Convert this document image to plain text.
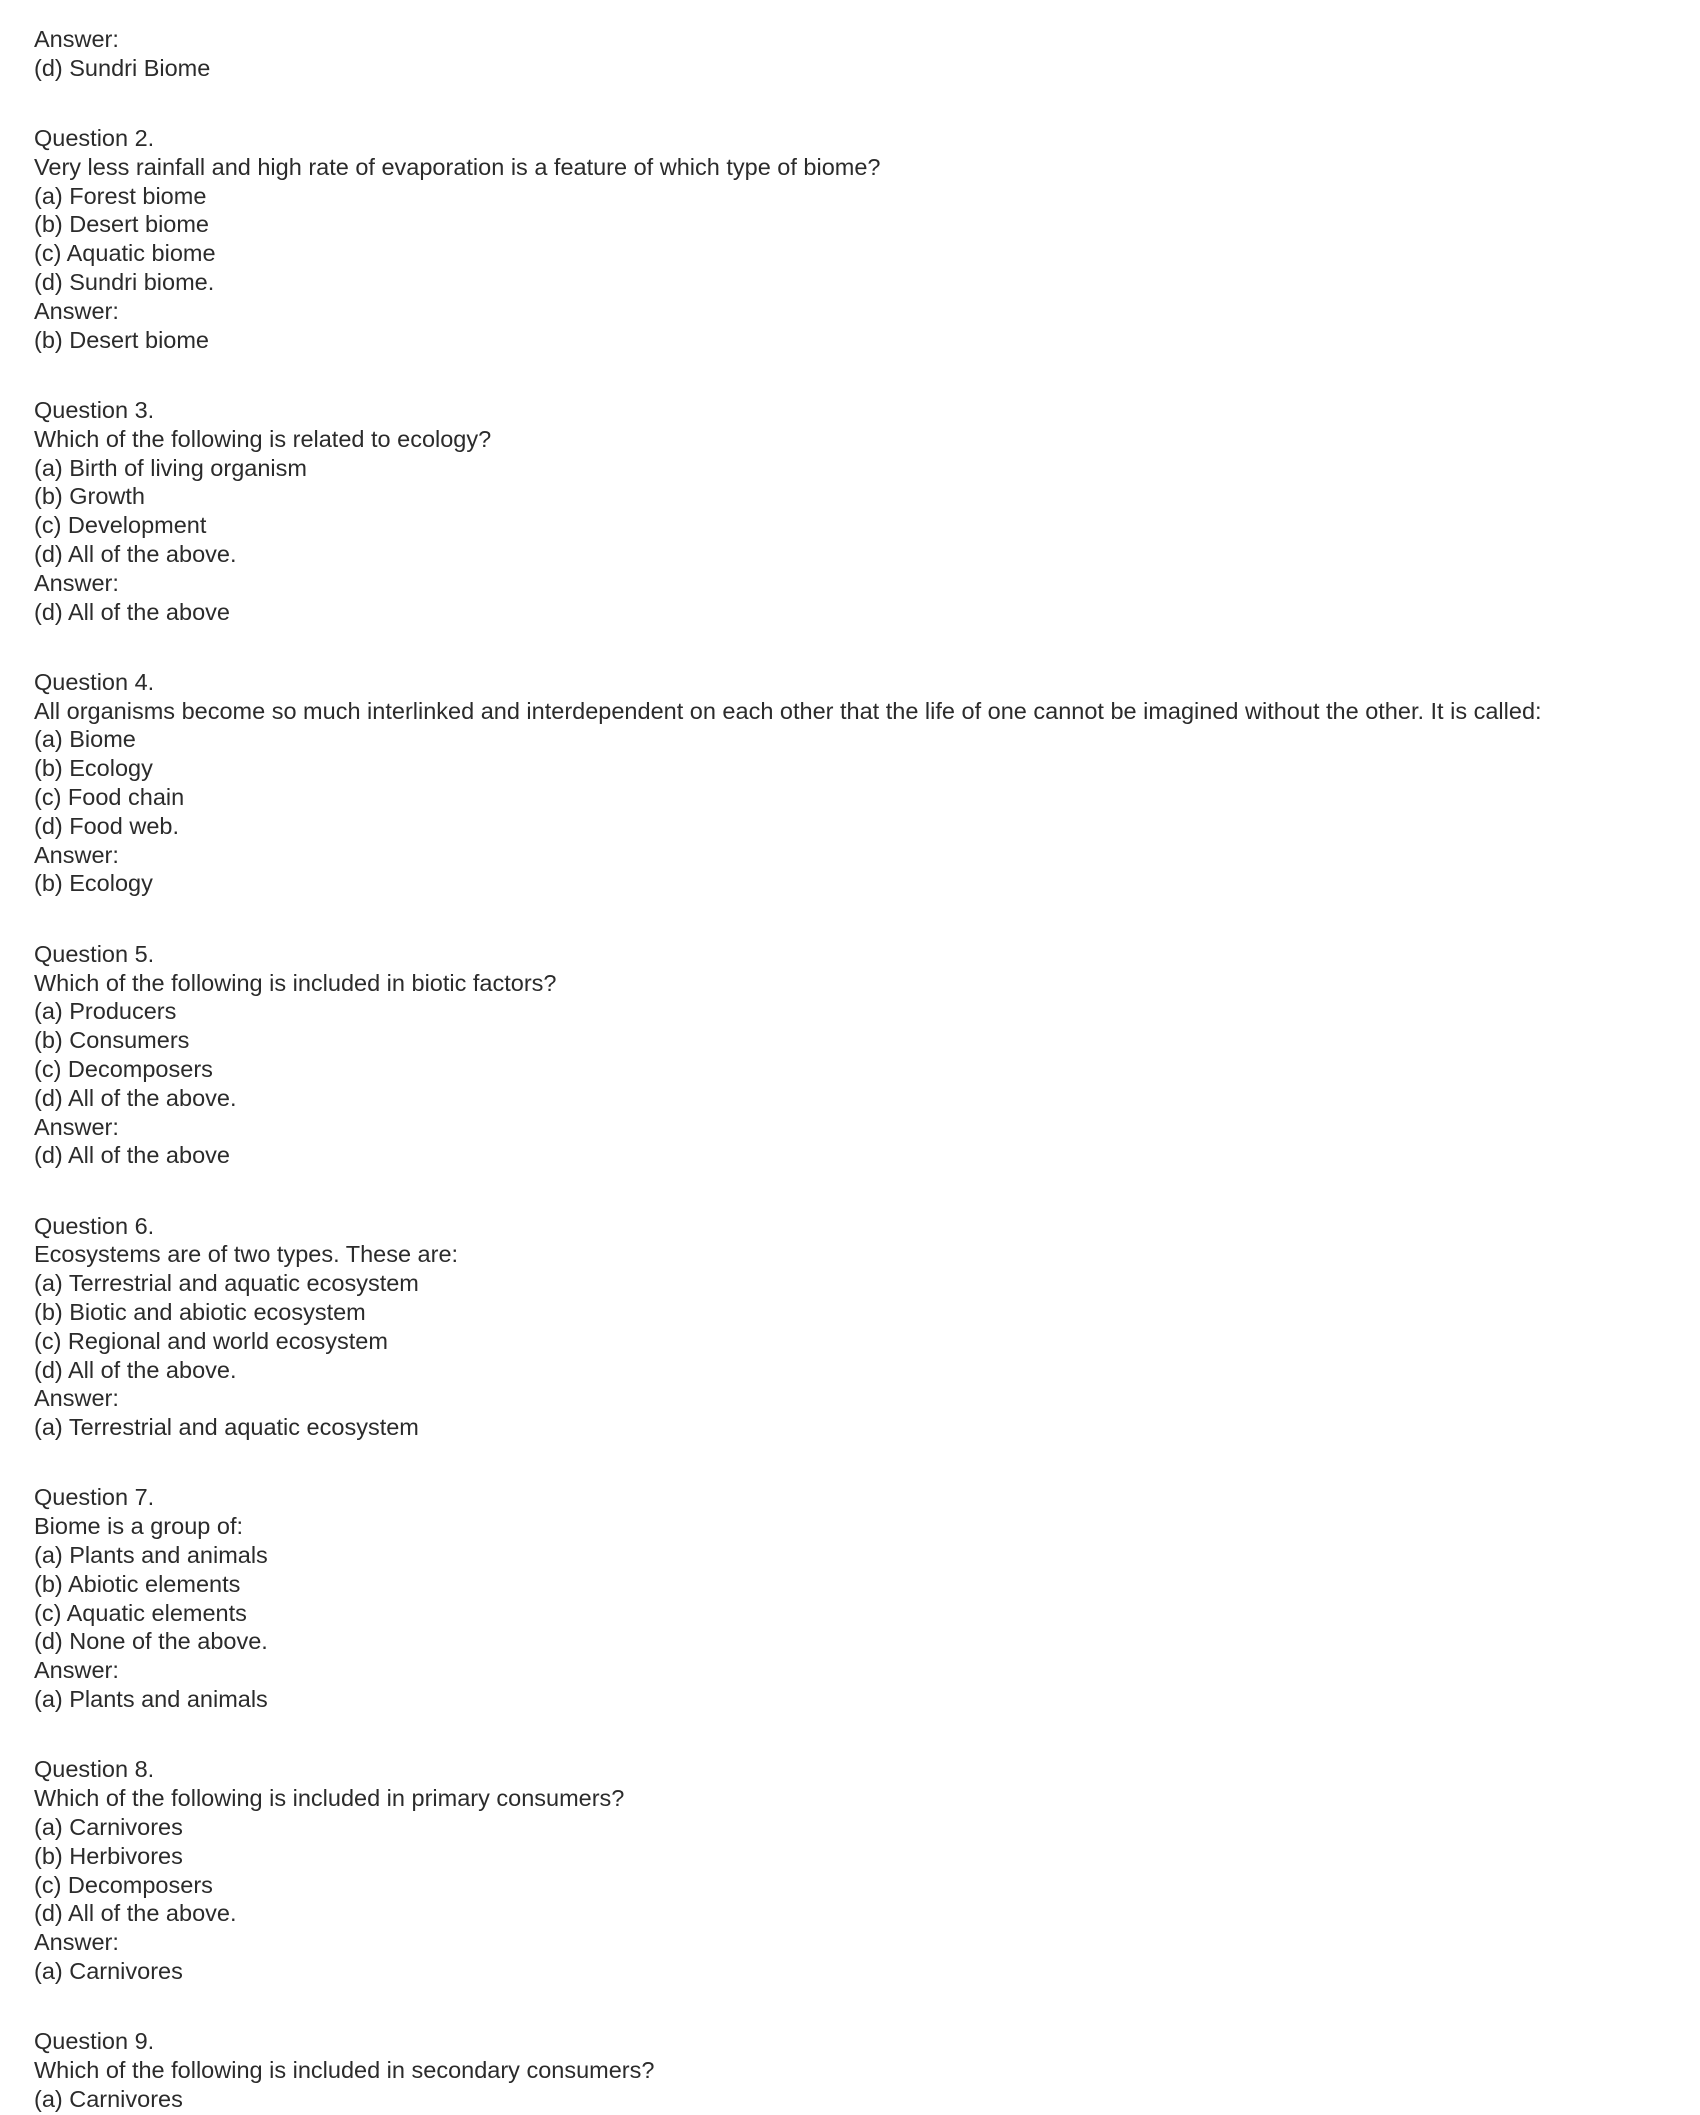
Answer:
(d) Sundri Biome
Question 2.
Very less rainfall and high rate of evaporation is a feature of which type of biome?
(a) Forest biome
(b) Desert biome
(c) Aquatic biome
(d) Sundri biome.
Answer:
(b) Desert biome
Question 3.
Which of the following is related to ecology?
(a) Birth of living organism
(b) Growth
(c) Development
(d) All of the above.
Answer:
(d) All of the above
Question 4.
All organisms become so much interlinked and interdependent on each other that the life of one cannot be imagined without the other. It is called:
(a) Biome
(b) Ecology
(c) Food chain
(d) Food web.
Answer:
(b) Ecology
Question 5.
Which of the following is included in biotic factors?
(a) Producers
(b) Consumers
(c) Decomposers
(d) All of the above.
Answer:
(d) All of the above
Question 6.
Ecosystems are of two types. These are:
(a) Terrestrial and aquatic ecosystem
(b) Biotic and abiotic ecosystem
(c) Regional and world ecosystem
(d) All of the above.
Answer:
(a) Terrestrial and aquatic ecosystem
Question 7.
Biome is a group of:
(a) Plants and animals
(b) Abiotic elements
(c) Aquatic elements
(d) None of the above.
Answer:
(a) Plants and animals
Question 8.
Which of the following is included in primary consumers?
(a) Carnivores
(b) Herbivores
(c) Decomposers
(d) All of the above.
Answer:
(a) Carnivores
Question 9.
Which of the following is included in secondary consumers?
(a) Carnivores
